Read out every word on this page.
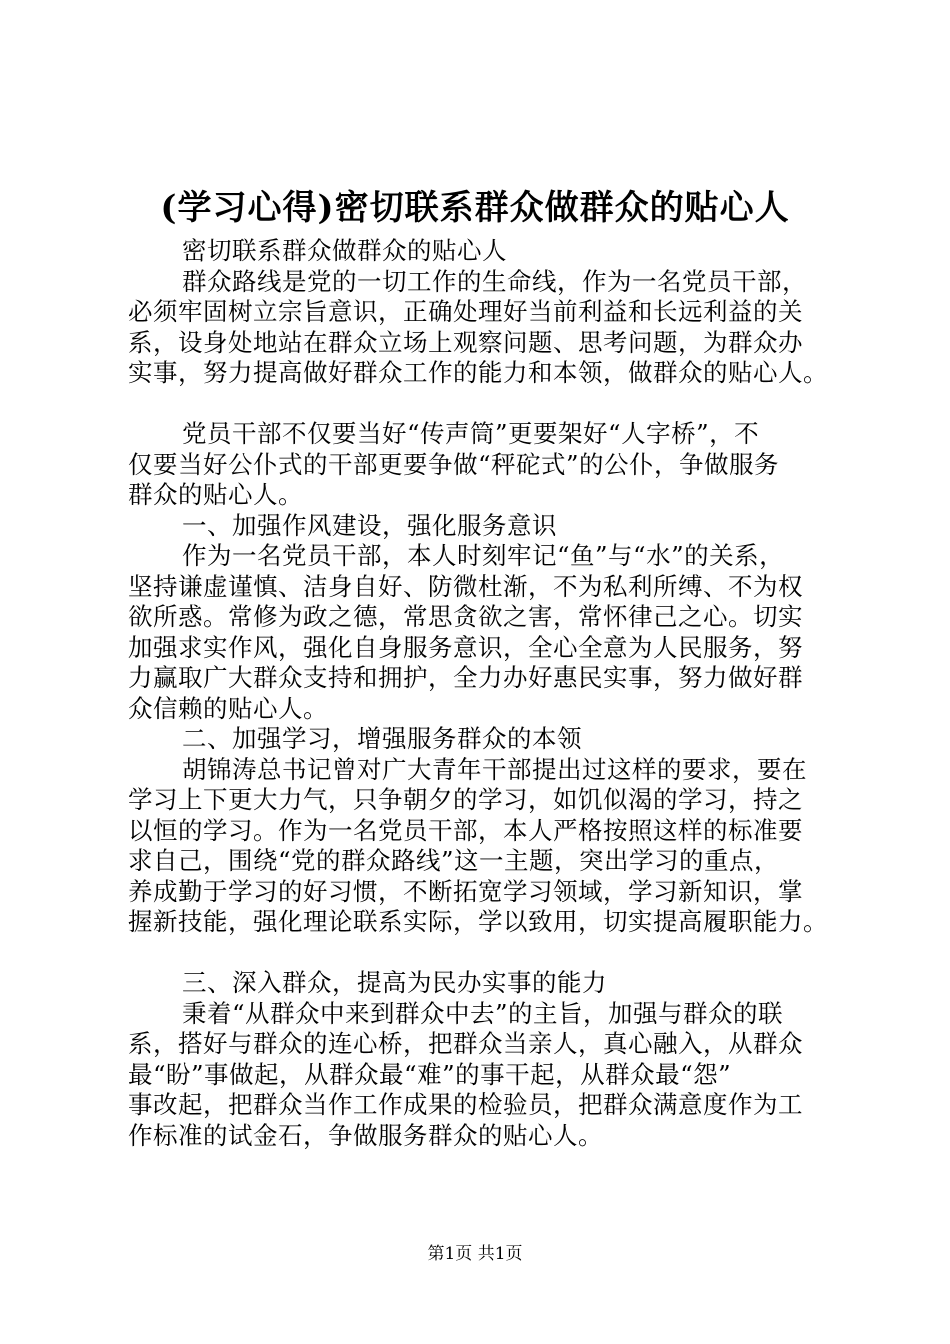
(学习心得)密切联系群众做群众的贴心人
密切联系群众做群众的贴心人
群众路线是党的一切工作的生命线，作为一名党员干部，
必须牢固树立宗旨意识，正确处理好当前利益和长远利益的关
系，设身处地站在群众立场上观察问题、思考问题，为群众办
实事，努力提高做好群众工作的能力和本领，做群众的贴心人。
党员干部不仅要当好“传声筒”更要架好“人字桥”，不
仅要当好公仆式的干部更要争做“秤砣式”的公仆，争做服务
群众的贴心人。
一、加强作风建设，强化服务意识
作为一名党员干部，本人时刻牢记“鱼”与“水”的关系，
坚持谦虚谨慎、洁身自好、防微杜渐，不为私利所缚、不为权
欲所惑。常修为政之德，常思贪欲之害，常怀律己之心。切实
加强求实作风，强化自身服务意识，全心全意为人民服务，努
力赢取广大群众支持和拥护，全力办好惠民实事，努力做好群
众信赖的贴心人。
二、加强学习，增强服务群众的本领
胡锦涛总书记曾对广大青年干部提出过这样的要求，要在
学习上下更大力气，只争朝夕的学习，如饥似渴的学习，持之
以恒的学习。作为一名党员干部，本人严格按照这样的标准要
求自己，围绕“党的群众路线”这一主题，突出学习的重点，
养成勤于学习的好习惯，不断拓宽学习领域，学习新知识，掌
握新技能，强化理论联系实际，学以致用，切实提高履职能力。
三、深入群众，提高为民办实事的能力
秉着“从群众中来到群众中去”的主旨，加强与群众的联
系，搭好与群众的连心桥，把群众当亲人，真心融入，从群众
最“盼”事做起，从群众最“难”的事干起，从群众最“怨”
事改起，把群众当作工作成果的检验员，把群众满意度作为工
作标准的试金石，争做服务群众的贴心人。
第1页 共1页
